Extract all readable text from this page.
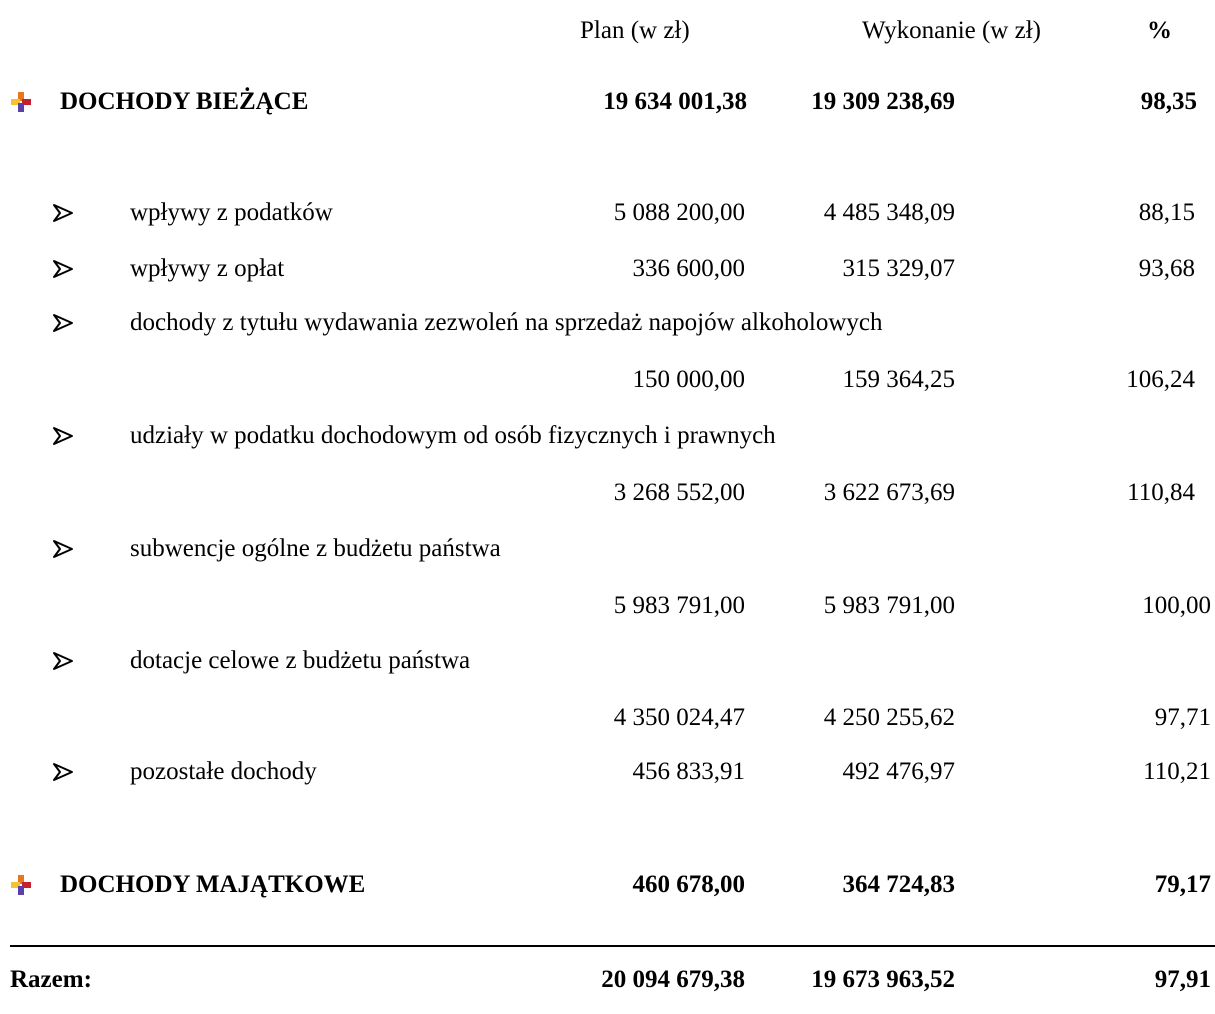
Plan (w zł)	Wykonanie (w zł)	%
DOCHODY BIEŻĄCE	19 634 001,38	19 309 238,69	98,35
wpływy z podatków	5 088 200,00	4 485 348,09	88,15
wpływy z opłat	336 600,00	315 329,07	93,68
dochody z tytułu wydawania zezwoleń na sprzedaż napojów alkoholowych
150 000,00	159 364,25	106,24
udziały w podatku dochodowym od osób fizycznych i prawnych
3 268 552,00	3 622 673,69	110,84
subwencje ogólne z budżetu państwa
5 983 791,00	5 983 791,00	100,00
dotacje celowe z budżetu państwa
4 350 024,47	4 250 255,62	97,71
pozostałe dochody	456 833,91	492 476,97	110,21
DOCHODY MAJĄTKOWE	460 678,00	364 724,83	79,17
Razem:	20 094 679,38	19 673 963,52	97,91
